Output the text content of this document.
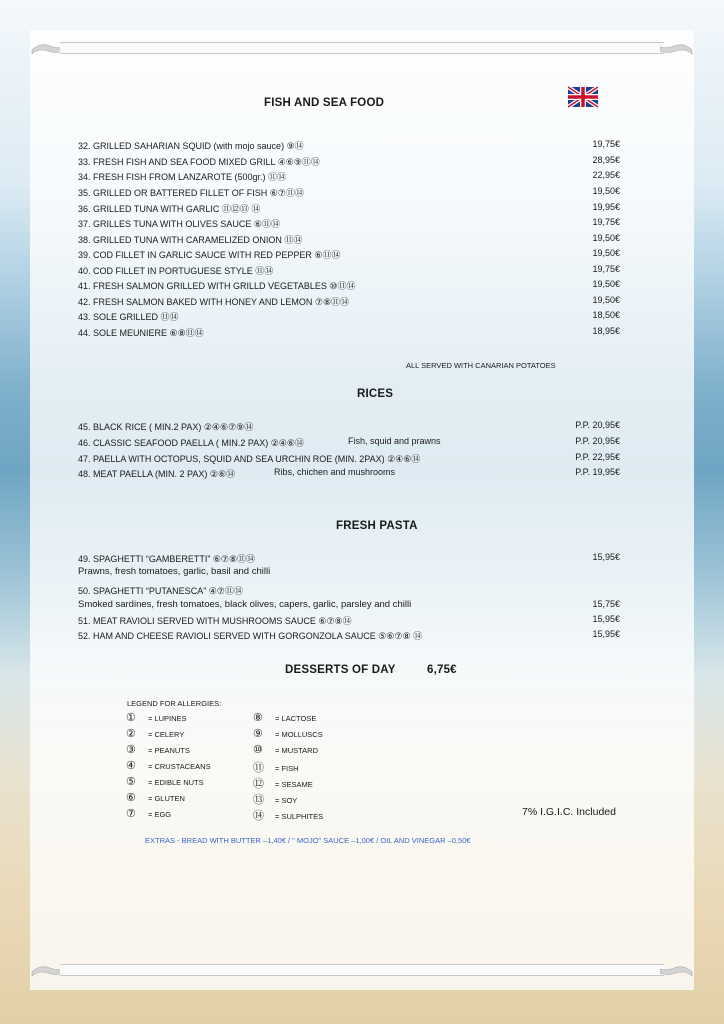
FISH AND SEA FOOD
32. GRILLED SAHARIAN SQUID (with mojo sauce) ⑨⑭	19,75€
33. FRESH FISH AND SEA FOOD MIXED GRILL ④⑥⑨⑪⑭	28,95€
34. FRESH FISH FROM LANZAROTE (500gr.) ⑪⑭	22,95€
35. GRILLED OR BATTERED FILLET OF FISH ⑥⑦⑪⑭	19,50€
36. GRILLED TUNA WITH GARLIC ⑪⑫⑬ ⑭	19,95€
37. GRILLES TUNA WITH OLIVES SAUCE ⑥⑪⑭	19,75€
38. GRILLED TUNA WITH CARAMELIZED ONION ⑪⑭	19,50€
39. COD FILLET IN GARLIC SAUCE WITH RED PEPPER ⑥⑪⑭	19,50€
40. COD FILLET IN PORTUGUESE STYLE ⑪⑭	19,75€
41. FRESH SALMON GRILLED WITH GRILLD VEGETABLES ⑩⑪⑭	19,50€
42. FRESH SALMON BAKED WITH HONEY AND LEMON ⑦⑧⑪⑭	19,50€
43. SOLE GRILLED ⑪⑭	18,50€
44. SOLE MEUNIERE ⑥⑧⑪⑭	18,95€
ALL SERVED WITH CANARIAN POTATOES
RICES
45. BLACK RICE ( MIN.2 PAX) ②④⑥⑦⑨⑭	P.P. 20,95€
46. CLASSIC SEAFOOD PAELLA ( MIN.2 PAX) ②④⑥⑭	Fish, squid and prawns	P.P. 20,95€
47. PAELLA WITH OCTOPUS, SQUID AND SEA URCHIN ROE (MIN. 2PAX) ②④⑥⑭	P.P. 22,95€
48. MEAT PAELLA (MIN. 2 PAX) ②⑥⑭	Ribs, chichen and mushrooms	P.P. 19,95€
FRESH PASTA
49. SPAGHETTI “GAMBERETTI” ⑥⑦⑧⑪⑭	15,95€
Prawns, fresh tomatoes, garlic, basil and chilli
50. SPAGHETTI “PUTANESCA” ④⑦⑪⑭
Smoked sardines, fresh tomatoes, black olives, capers, garlic, parsley and chilli	15,75€
51. MEAT RAVIOLI SERVED WITH MUSHROOMS SAUCE ⑥⑦⑧⑭	15,95€
52. HAM AND CHEESE RAVIOLI SERVED WITH GORGONZOLA SAUCE ⑤⑥⑦⑧ ⑭	15,95€
DESSERTS OF DAY	6,75€
LEGEND FOR ALLERGIES:
① = LUPINES
② = CELERY
③ = PEANUTS
④ = CRUSTACEANS
⑤ = EDIBLE NUTS
⑥ = GLUTEN
⑦ = EGG
⑧ = LACTOSE
⑨ = MOLLUSCS
⑩ = MUSTARD
⑪ = FISH
⑫ = SESAME
⑬ = SOY
⑭ = SULPHITES	7% I.G.I.C. Included
EXTRAS - BREAD WITH BUTTER –1,40€ / " MOJO" SAUCE –1,00€ / OIL AND VINEGAR –0,50€
